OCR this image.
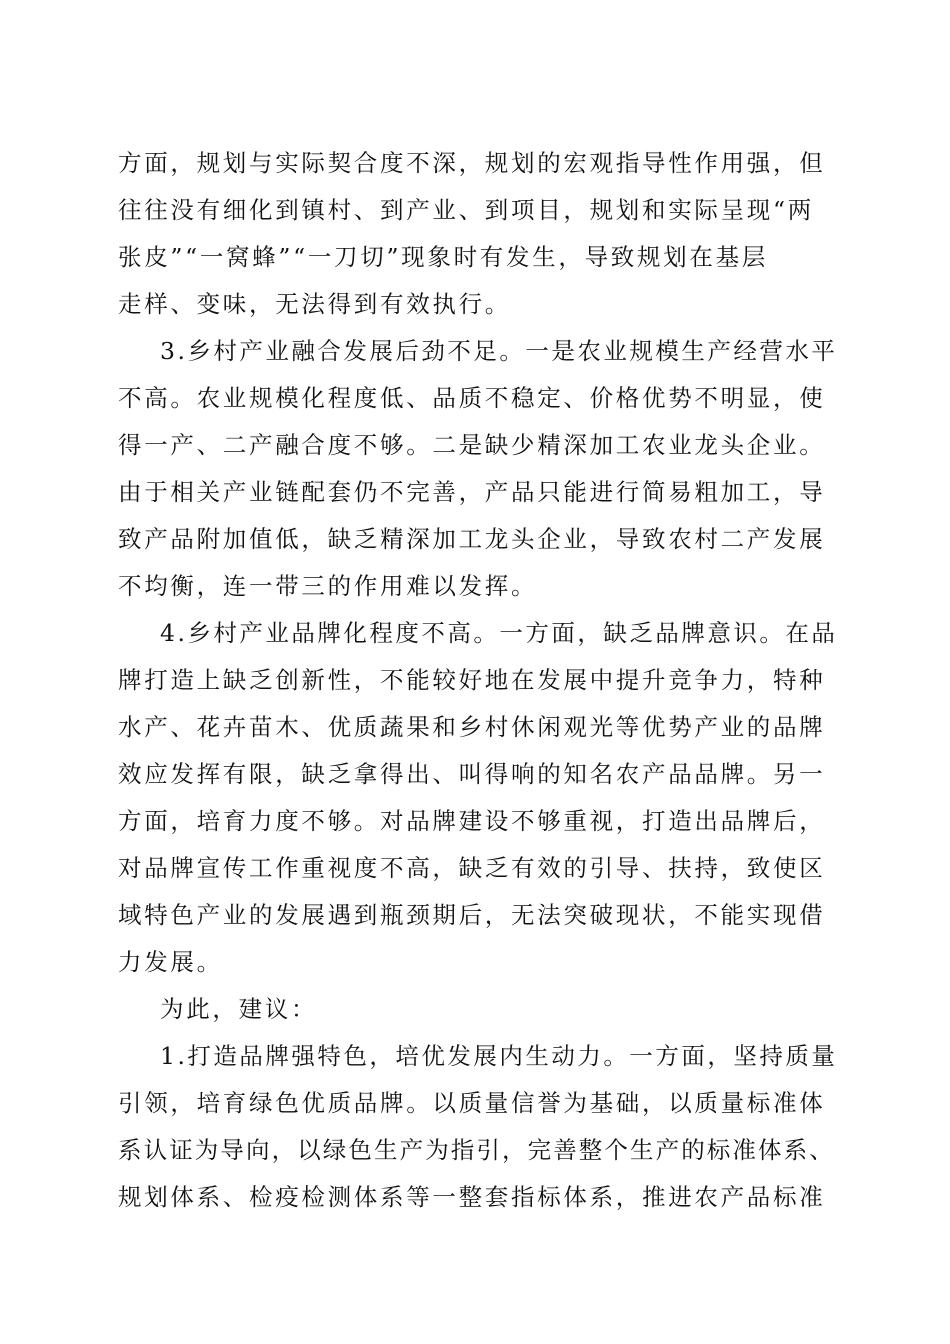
方面，规划与实际契合度不深，规划的宏观指导性作用强，但
往往没有细化到镇村、到产业、到项目，规划和实际呈现“两
张皮”“一窝蜂”“一刀切”现象时有发生，导致规划在基层
走样、变味，无法得到有效执行。
3.乡村产业融合发展后劲不足。一是农业规模生产经营水平
不高。农业规模化程度低、品质不稳定、价格优势不明显，使
得一产、二产融合度不够。二是缺少精深加工农业龙头企业。
由于相关产业链配套仍不完善，产品只能进行简易粗加工，导
致产品附加值低，缺乏精深加工龙头企业，导致农村二产发展
不均衡，连一带三的作用难以发挥。
4.乡村产业品牌化程度不高。一方面，缺乏品牌意识。在品
牌打造上缺乏创新性，不能较好地在发展中提升竞争力，特种
水产、花卉苗木、优质蔬果和乡村休闲观光等优势产业的品牌
效应发挥有限，缺乏拿得出、叫得响的知名农产品品牌。另一
方面，培育力度不够。对品牌建设不够重视，打造出品牌后，
对品牌宣传工作重视度不高，缺乏有效的引导、扶持，致使区
域特色产业的发展遇到瓶颈期后，无法突破现状，不能实现借
力发展。
为此，建议：
1.打造品牌强特色，培优发展内生动力。一方面，坚持质量
引领，培育绿色优质品牌。以质量信誉为基础，以质量标准体
系认证为导向，以绿色生产为指引，完善整个生产的标准体系、
规划体系、检疫检测体系等一整套指标体系，推进农产品标准
